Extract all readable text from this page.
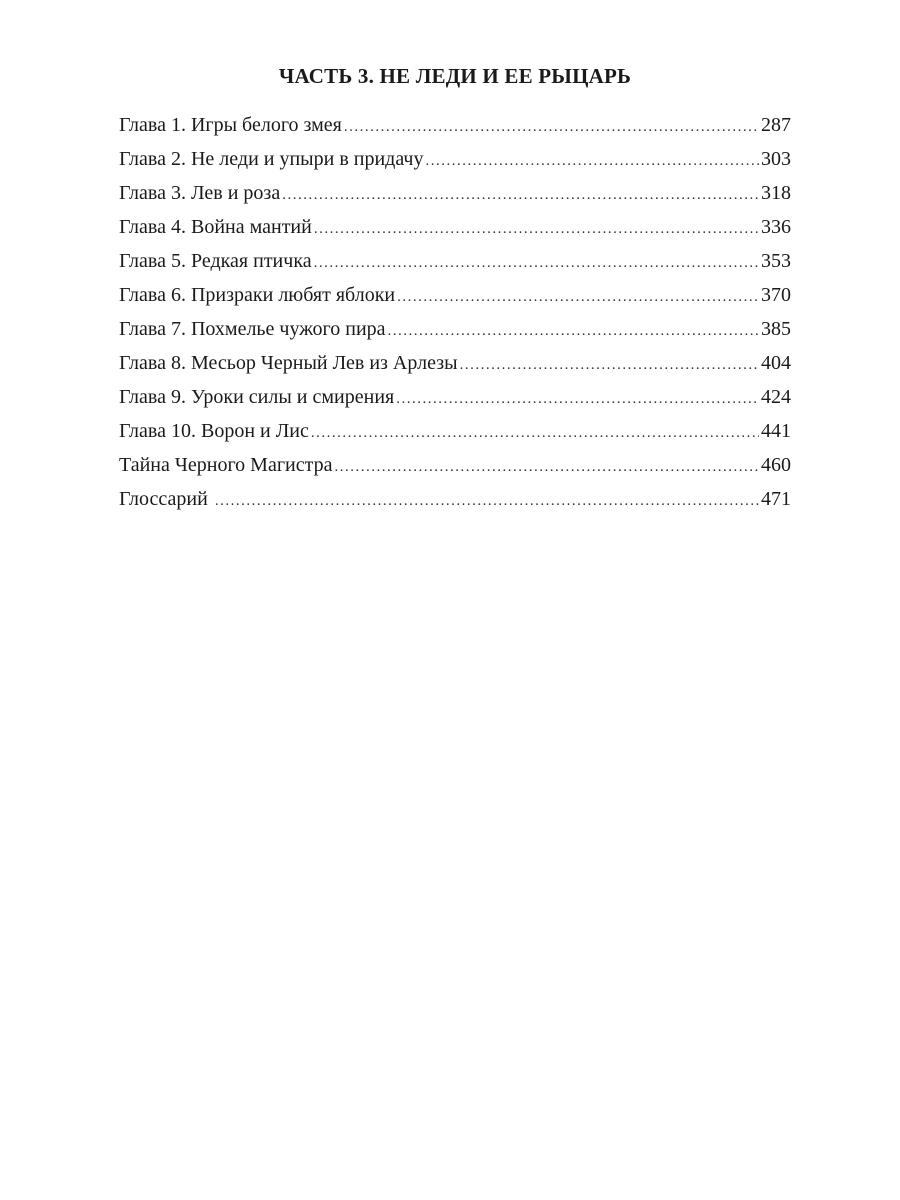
ЧАСТЬ 3. НЕ ЛЕДИ И ЕЕ РЫЦАРЬ
Глава 1. Игры белого змея .....	287
Глава 2. Не леди и упыри в придачу .....	303
Глава 3. Лев и роза .....	318
Глава 4. Война мантий .....	336
Глава 5. Редкая птичка .....	353
Глава 6. Призраки любят яблоки .....	370
Глава 7. Похмелье чужого пира .....	385
Глава 8. Месьор Черный Лев из Арлезы .....	404
Глава 9. Уроки силы и смирения .....	424
Глава 10. Ворон и Лис .....	441
Тайна Черного Магистра .....	460
Глоссарий .....	471
